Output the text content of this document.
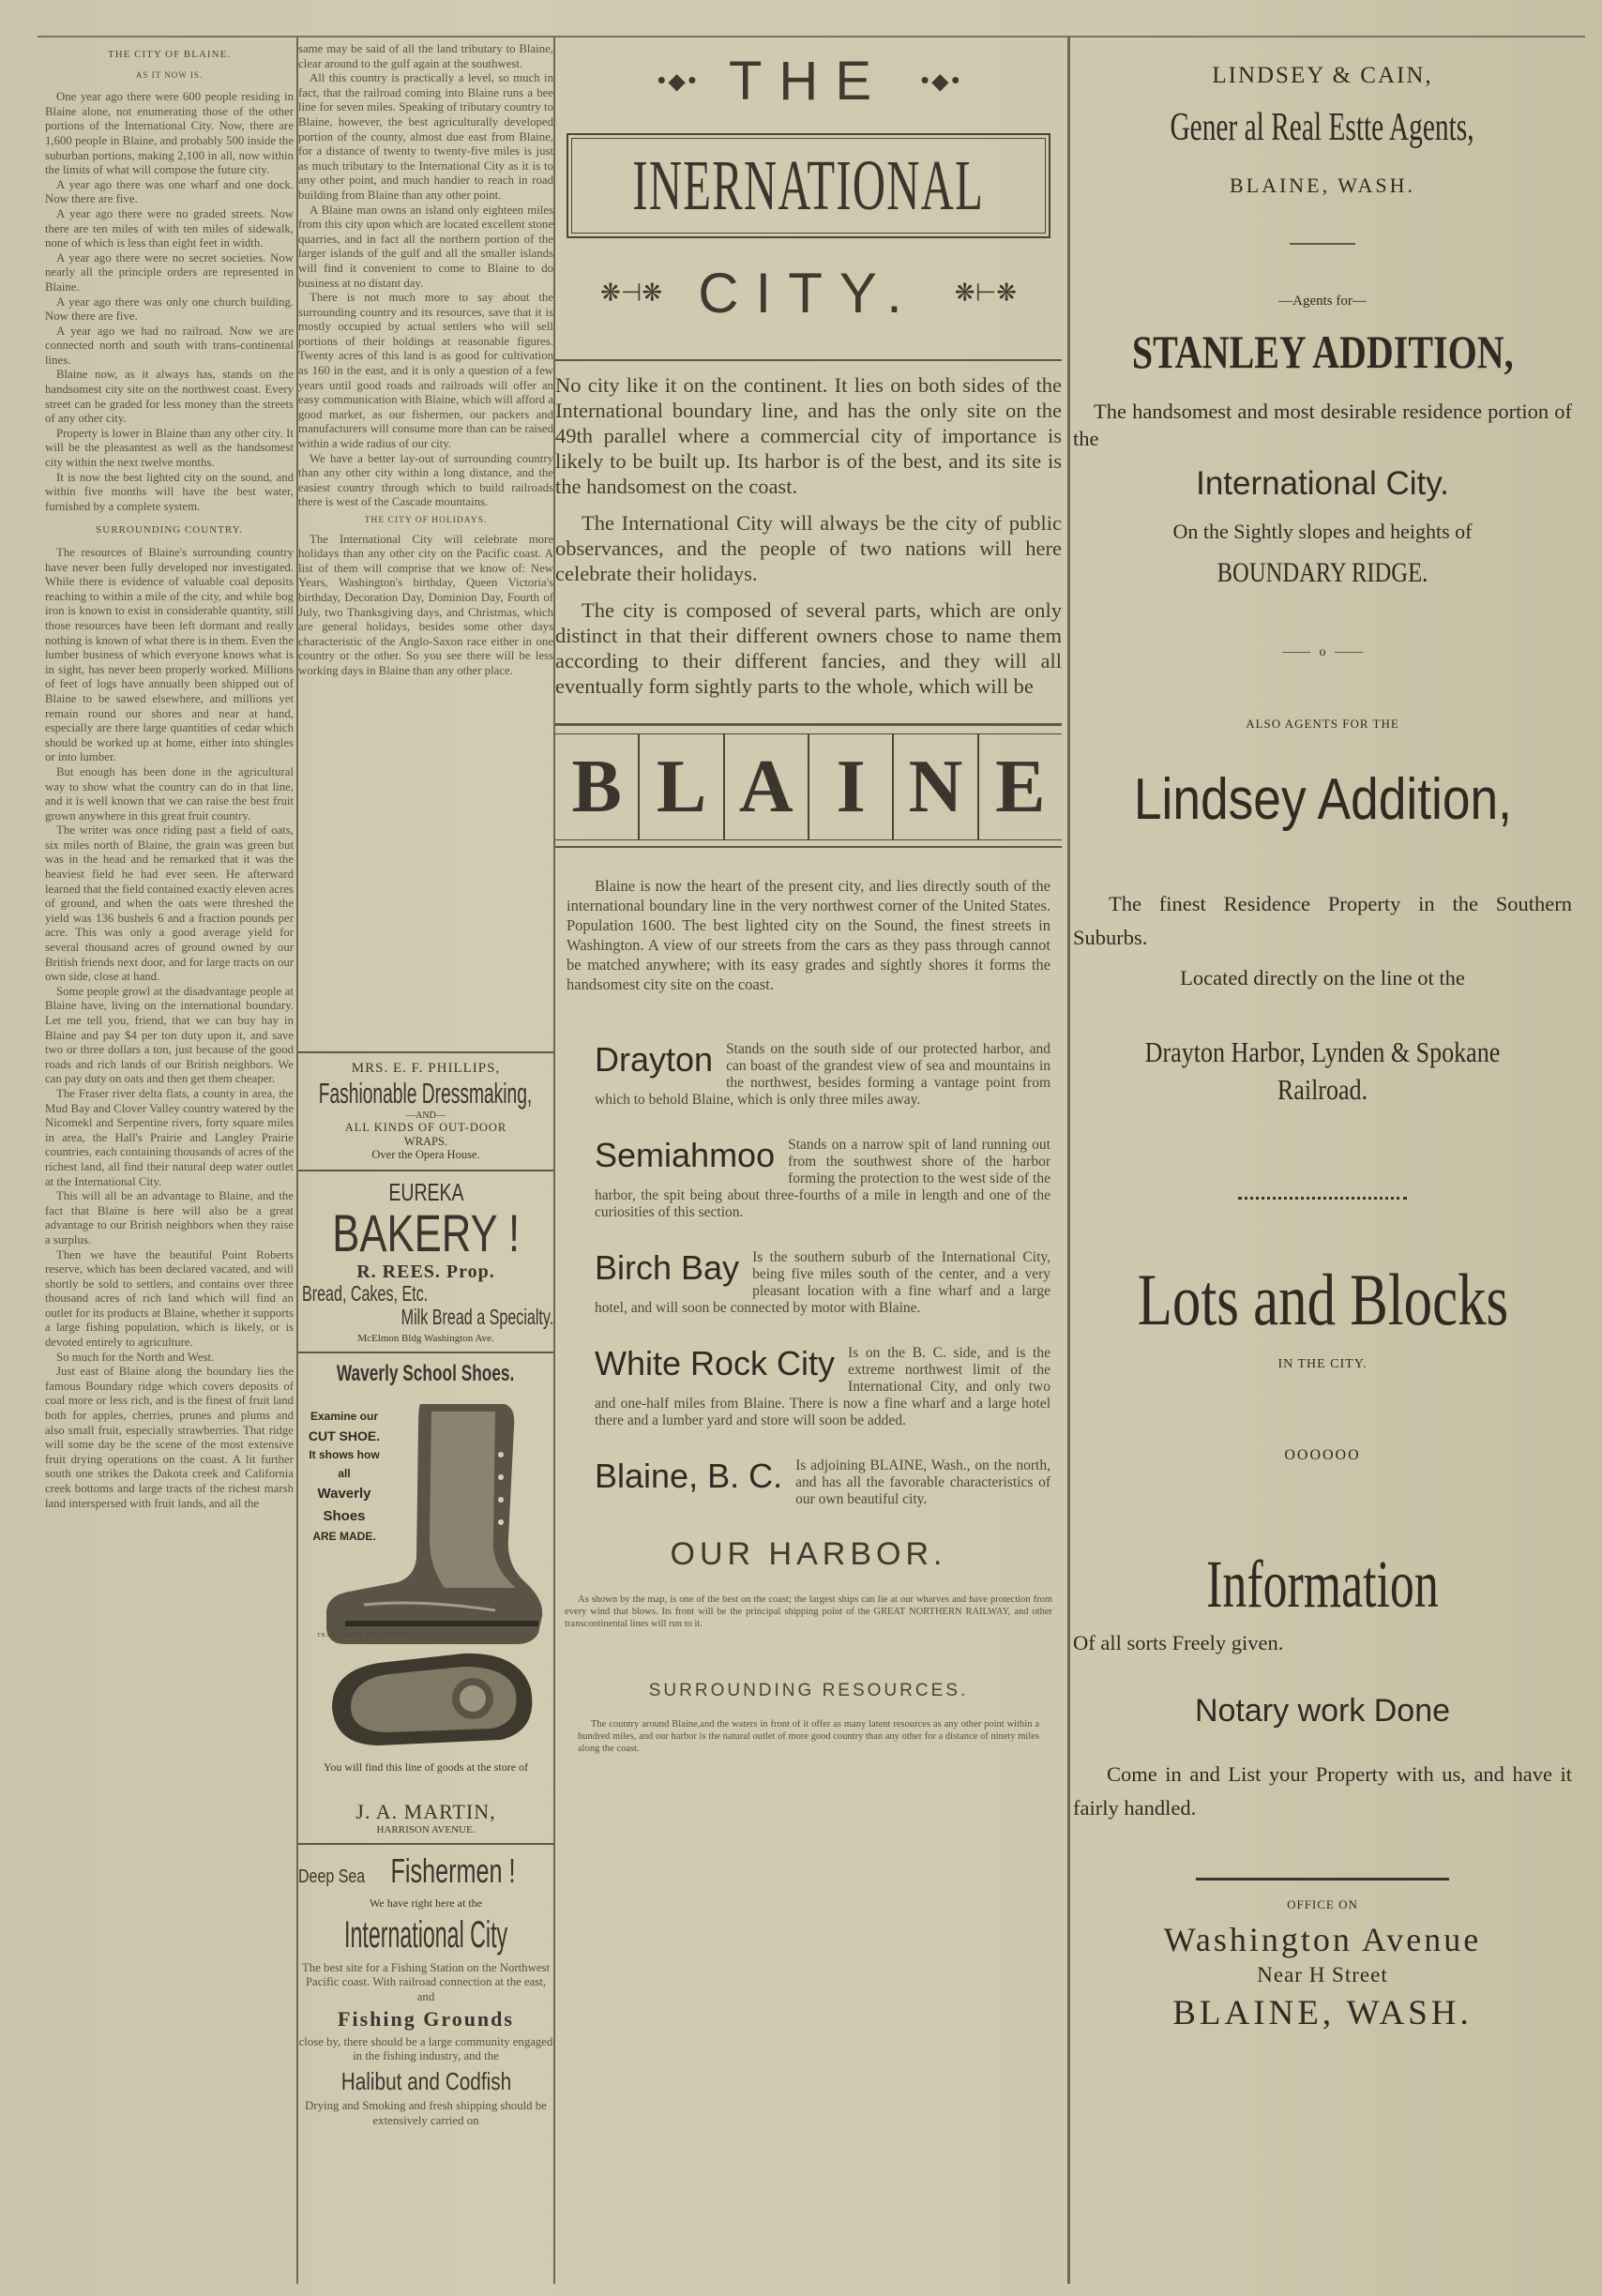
THE CITY OF BLAINE.
AS IT NOW IS.

One year ago there were 600 people residing in Blaine alone, not enumerating those of the other portions of the International City. Now, there are 1,600 people in Blaine, and probably 500 inside the suburban portions, making 2,100 in all, now within the limits of what will compose the future city.

A year ago there was one wharf and one dock. Now there are five.

A year ago there were no graded streets. Now there are ten miles of with ten miles of sidewalk, none of which is less than eight feet in width.

A year ago there were no secret societies. Now nearly all the principle orders are represented in Blaine.

A year ago there was only one church building. Now there are five.

A year ago we had no railroad. Now we are connected north and south with trans-continental lines.

Blaine now, as it always has, stands on the handsomest city site on the northwest coast. Every street can be graded for less money than the streets of any other city.

Property is lower in Blaine than any other city. It will be the pleasantest as well as the handsomest city within the next twelve months.

It is now the best lighted city on the sound, and within five months will have the best water, furnished by a complete system.

SURROUNDING COUNTRY.

The resources of Blaine's surrounding country have never been fully developed nor investigated. While there is evidence of valuable coal deposits reaching to within a mile of the city, and while bog iron is known to exist in considerable quantity, still those resources have been left dormant and really nothing is known of what there is in them. Even the lumber business of which everyone knows what is in sight, has never been properly worked. Millions of feet of logs have annually been shipped out of Blaine to be sawed elsewhere, and millions yet remain round our shores and near at hand, especially are there large quantities of cedar which should be worked up at home, either into shingles or into lumber.

But enough has been done in the agricultural way to show what the country can do in that line, and it is well known that we can raise the best fruit grown anywhere in this great fruit country.

The writer was once riding past a field of oats, six miles north of Blaine, the grain was green but was in the head and he remarked that it was the heaviest field he had ever seen. He afterward learned that the field contained exactly eleven acres of ground, and when the oats were threshed the yield was 136 bushels 6 and a fraction pounds per acre. This was only a good average yield for several thousand acres of ground owned by our British friends next door, and for large tracts on our own side, close at hand.

Some people growl at the disadvantage people at Blaine have, living on the international boundary. Let me tell you, friend, that we can buy hay in Blaine and pay $4 per ton duty upon it, and save two or three dollars a ton, just because of the good roads and rich lands of our British neighbors. We can pay duty on oats and then get them cheaper.

The Fraser river delta flats, a county in area, the Mud Bay and Clover Valley country watered by the Nicomekl and Serpentine rivers, forty square miles in area, the Hall's Prairie and Langley Prairie countries, each containing thousands of acres of the richest land, all find their natural deep water outlet at the International City.

This will all be an advantage to Blaine, and the fact that Blaine is here will also be a great advantage to our British neighbors when they raise a surplus.

Then we have the beautiful Point Roberts reserve, which has been declared vacated, and will shortly be sold to settlers, and contains over three thousand acres of rich land which will find an outlet for its products at Blaine, whether it supports a large fishing population, which is likely, or is devoted entirely to agriculture.

So much for the North and West.

Just east of Blaine along the boundary lies the famous Boundary ridge which covers deposits of coal more or less rich, and is the finest of fruit land both for apples, cherries, prunes and plums and also small fruit, especially strawberries. That ridge will some day be the scene of the most extensive fruit drying operations on the coast. A lit further south one strikes the Dakota creek and California creek bottoms and large tracts of the richest marsh land interspersed with fruit lands, and all the

same may be said of all the land tributary to Blaine, clear around to the gulf again at the southwest.

All this country is practically a level, so much in fact, that the railroad coming into Blaine runs a bee line for seven miles. Speaking of tributary country to Blaine, however, the best agriculturally developed portion of the county, almost due east from Blaine, for a distance of twenty to twenty-five miles is just as much tributary to the International City as it is to any other point, and much handier to reach in road building from Blaine than any other point.

A Blaine man owns an island only eighteen miles from this city upon which are located excellent stone quarries, and in fact all the northern portion of the larger islands of the gulf and all the smaller islands will find it convenient to come to Blaine to do business at no distant day.

There is not much more to say about the surrounding country and its resources, save that it is mostly occupied by actual settlers who will sell portions of their holdings at reasonable figures. Twenty acres of this land is as good for cultivation as 160 in the east, and it is only a question of a few years until good roads and railroads will offer an easy communication with Blaine, which will afford a good market, as our fishermen, our packers and manufacturers will consume more than can be raised within a wide radius of our city.

We have a better lay-out of surrounding country than any other city within a long distance, and the easiest country through which to build railroads there is west of the Cascade mountains.

THE CITY OF HOLIDAYS.

The International City will celebrate more holidays than any other city on the Pacific coast. A list of them will comprise that we know of: New Years, Washington's birthday, Queen Victoria's birthday, Decoration Day, Dominion Day, Fourth of July, two Thanksgiving days, and Christmas, which are general holidays, besides some other days characteristic of the Anglo-Saxon race either in one country or the other. So you see there will be less working days in Blaine than any other place.

MRS. E. F. PHILLIPS,
Fashionable Dressmaking,
—AND—
ALL KINDS OF OUT-DOOR
WRAPS.
Over the Opera House.
EUREKA
BAKERY !
R. REES. Prop.
Bread, Cakes, Etc.
Milk Bread a Specialty.
McElmon Bldg Washington Ave.
Waverly School Shoes.
Examine our
CUT SHOE.
It shows how all
Waverly Shoes
ARE MADE.
TRADE MARK REGISTERED.
You will find this line of goods at the store of
J. A. MARTIN,
HARRISON AVENUE.
Deep Sea Fishermen !
We have right here at the
International City
The best site for a Fishing Station on the Northwest Pacific coast. With railroad connection at the east, and
Fishing Grounds
close by, there should be a large community engaged in the fishing industry, and the
Halibut and Codfish
Drying and Smoking and fresh shipping should be extensively carried on
•◆• THE •◆•
INERNATIONAL
❋⊣❋ CITY. ❋⊢❋

No city like it on the continent. It lies on both sides of the International boundary line, and has the only site on the 49th parallel where a commercial city of importance is likely to be built up. Its harbor is of the best, and its site is the handsomest on the coast.

The International City will always be the city of public observances, and the people of two nations will here celebrate their holidays.

The city is composed of several parts, which are only distinct in that their different owners chose to name them according to their different fancies, and they will all eventually form sightly parts to the whole, which will be

B L A I N E
Blaine is now the heart of the present city, and lies directly south of the international boundary line in the very northwest corner of the United States. Population 1600. The best lighted city on the Sound, the finest streets in Washington. A view of our streets from the cars as they pass through cannot be matched anywhere; with its easy grades and sightly shores it forms the handsomest city site on the coast.
Drayton Stands on the south side of our protected harbor, and can boast of the grandest view of sea and mountains in the northwest, besides forming a vantage point from which to behold Blaine, which is only three miles away.

Semiahmoo Stands on a narrow spit of land running out from the southwest shore of the harbor forming the protection to the west side of the harbor, the spit being about three-fourths of a mile in length and one of the curiosities of this section.

Birch Bay Is the southern suburb of the International City, being five miles south of the center, and a very pleasant location with a fine wharf and a large hotel, and will soon be connected by motor with Blaine.

White Rock City Is on the B. C. side, and is the extreme northwest limit of the International City, and only two and one-half miles from Blaine. There is now a fine wharf and a large hotel there and a lumber yard and store will soon be added.

Blaine, B. C. Is adjoining BLAINE, Wash., on the north, and has all the favorable characteristics of our own beautiful city.

OUR HARBOR.
As shown by the map, is one of the best on the coast; the largest ships can lie at our wharves and have protection from every wind that blows. Its front will be the principal shipping point of the GREAT NORTHERN RAILWAY, and other transcontinental lines will run to it.
SURROUNDING RESOURCES.
The country around Blaine,and the waters in front of it offer as many latent resources as any other point within a hundred miles, and our harbor is the natural outlet of more good country than any other for a distance of ninety miles along the coast.
LINDSEY & CAIN,
Gener al Real Estte Agents,
BLAINE, WASH.
—Agents for—
STANLEY ADDITION,
The handsomest and most desirable residence portion of the
International City.
On the Sightly slopes and heights of
BOUNDARY RIDGE.
o
ALSO AGENTS FOR THE
Lindsey Addition,
The finest Residence Property in the Southern Suburbs.
Located directly on the line ot the
Drayton Harbor, Lynden & Spokane Railroad.
Lots and Blocks
IN THE CITY.
OOOOOO
Information
Of all sorts Freely given.
Notary work Done
Come in and List your Property with us, and have it fairly handled.
OFFICE ON
Washington Avenue
Near H Street
BLAINE, WASH.
